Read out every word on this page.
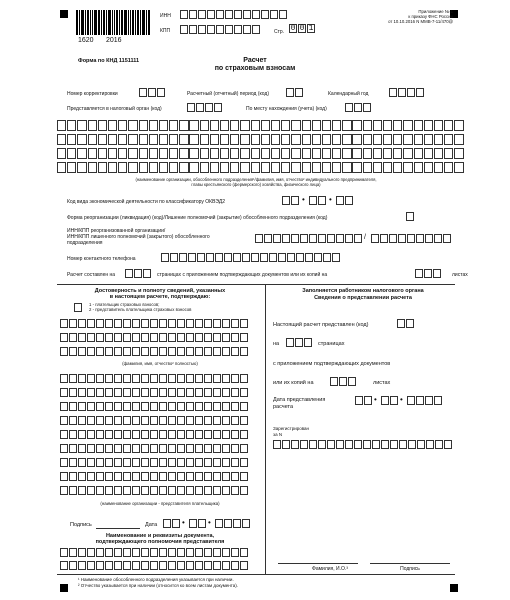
1620 2016
ИНН
КПП	Стр. 0 0 1
Приложение № 1
к приказу ФНС России
от 10.10.2016 N ММВ-7-11/470@
Форма по КНД 1151111	Расчет
по страховым взносам
Номер корректировки	Расчетный (отчетный) период (код)	Календарный год
Представляется в налоговый орган (код)	По месту нахождения (учета) (код)
(наименование организации, обособленного подразделения¹/фамилия, имя, отчество² индивидуального предпринимателя,
главы крестьянского (фермерского) хозяйства, физического лица)
Код вида экономической деятельности по классификатору ОКВЭД2	•	•
Форма реорганизации (ликвидация) (код)/Лишение полномочий (закрытие) обособленного подразделения (код)
ИНН/КПП реорганизованной организации/
ИНН/КПП лишенного полномочий (закрытого) обособленного
подразделения
/
Номер контактного телефона
Расчет составлен на	страницах с приложением подтверждающих документов или их копий на	листах
Достоверность и полноту сведений, указанных
в настоящем расчете, подтверждаю:
1 - плательщик страховых взносов;
2 - представитель плательщика страховых взносов
(фамилия, имя, отчество² полностью)
(наименование организации - представителя плательщика)
Подпись	Дата	•	•
Наименование и реквизиты документа,
подтверждающего полномочия представителя
Заполняется работником налогового органа
Сведения о представлении расчета
Настоящий расчет представлен (код)
на	страницах
с приложением подтверждающих документов
или их копий на	листах
Дата представления
расчета
•	•
Зарегистрирован
за N
Фамилия, И.О.³	Подпись
¹ Наименование обособленного подразделения указывается при наличии.
² Отчество указывается при наличии (относится ко всем листам документа).
